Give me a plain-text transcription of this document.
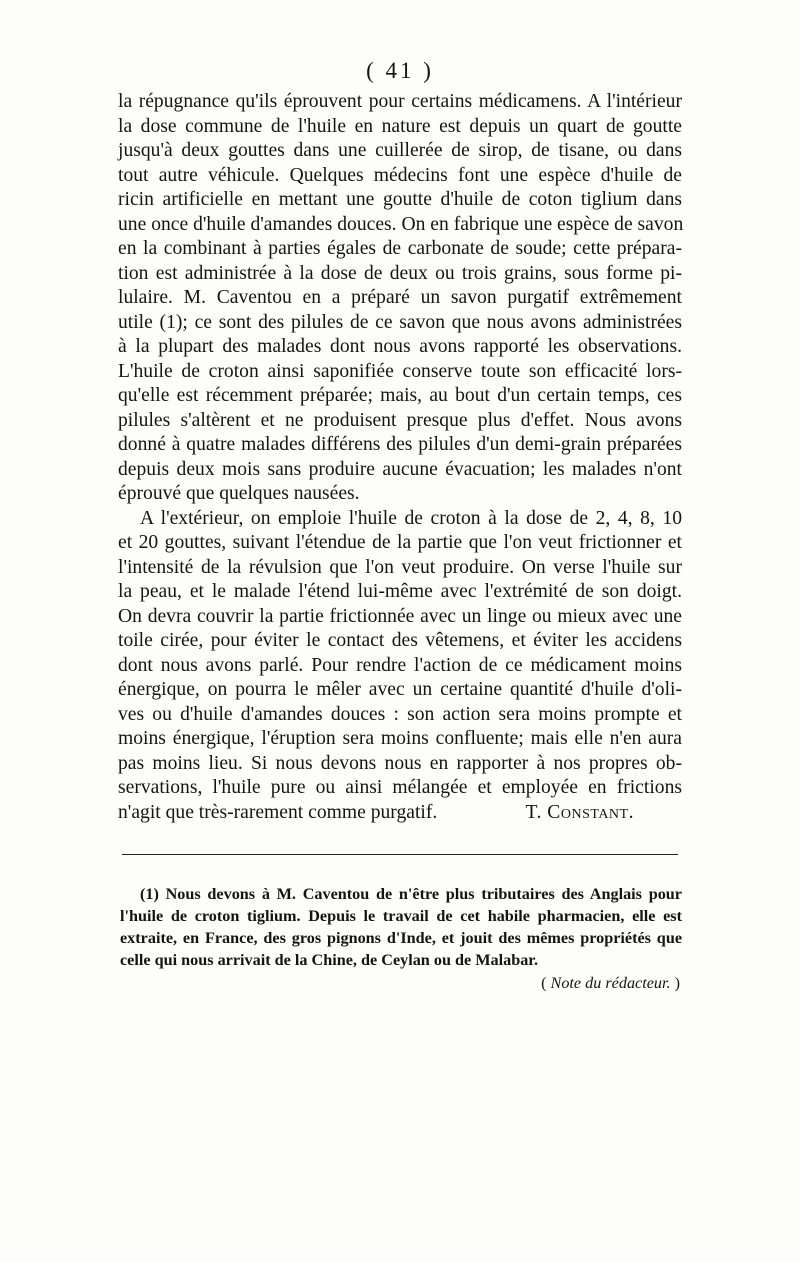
( 41 )
la répugnance qu'ils éprouvent pour certains médicamens. A l'intérieur
la dose commune de l'huile en nature est depuis un quart de goutte
jusqu'à deux gouttes dans une cuillerée de sirop, de tisane, ou dans
tout autre véhicule. Quelques médecins font une espèce d'huile de
ricin artificielle en mettant une goutte d'huile de coton tiglium dans
une once d'huile d'amandes douces. On en fabrique une espèce de savon
en la combinant à parties égales de carbonate de soude; cette prépara-
tion est administrée à la dose de deux ou trois grains, sous forme pi-
lulaire. M. Caventou en a préparé un savon purgatif extrêmement
utile (1); ce sont des pilules de ce savon que nous avons administrées
à la plupart des malades dont nous avons rapporté les observations.
L'huile de croton ainsi saponifiée conserve toute son efficacité lors-
qu'elle est récemment préparée; mais, au bout d'un certain temps, ces
pilules s'altèrent et ne produisent presque plus d'effet. Nous avons
donné à quatre malades différens des pilules d'un demi-grain préparées
depuis deux mois sans produire aucune évacuation; les malades n'ont
éprouvé que quelques nausées.
A l'extérieur, on emploie l'huile de croton à la dose de 2, 4, 8, 10
et 20 gouttes, suivant l'étendue de la partie que l'on veut frictionner et
l'intensité de la révulsion que l'on veut produire. On verse l'huile sur
la peau, et le malade l'étend lui-même avec l'extrémité de son doigt.
On devra couvrir la partie frictionnée avec un linge ou mieux avec une
toile cirée, pour éviter le contact des vêtemens, et éviter les accidens
dont nous avons parlé. Pour rendre l'action de ce médicament moins
énergique, on pourra le mêler avec un certaine quantité d'huile d'oli-
ves ou d'huile d'amandes douces : son action sera moins prompte et
moins énergique, l'éruption sera moins confluente; mais elle n'en aura
pas moins lieu. Si nous devons nous en rapporter à nos propres ob-
servations, l'huile pure ou ainsi mélangée et employée en frictions
n'agit que très-rarement comme purgatif.	T. Constant.
(1) Nous devons à M. Caventou de n'être plus tributaires des Anglais pour
l'huile de croton tiglium. Depuis le travail de cet habile pharmacien, elle est
extraite, en France, des gros pignons d'Inde, et jouit des mêmes propriétés que
celle qui nous arrivait de la Chine, de Ceylan ou de Malabar.
( Note du rédacteur. )
